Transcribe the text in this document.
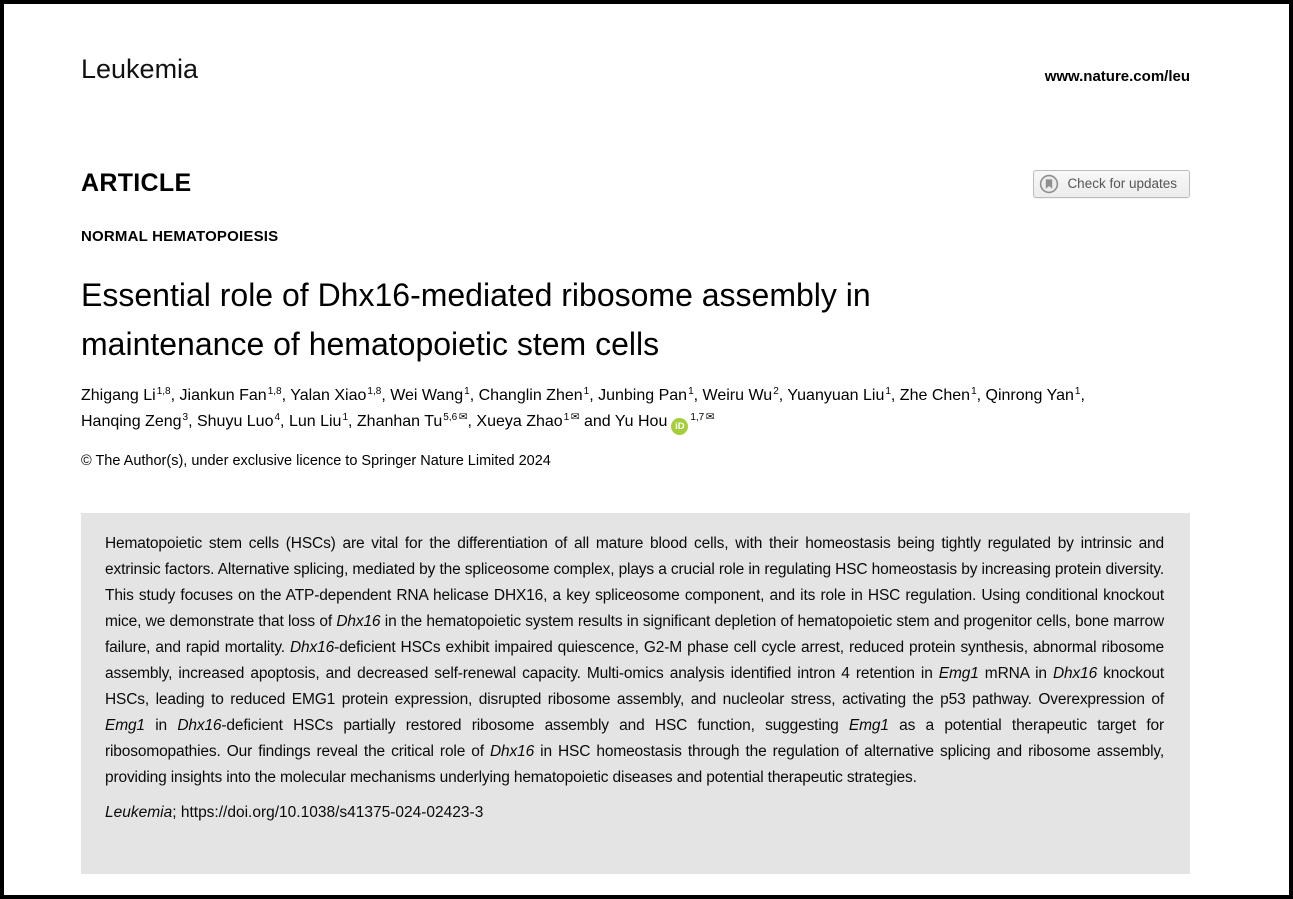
Leukemia	www.nature.com/leu
ARTICLE	Check for updates
NORMAL HEMATOPOIESIS
Essential role of Dhx16-mediated ribosome assembly in maintenance of hematopoietic stem cells
Zhigang Li$^{1,8}$, Jiankun Fan$^{1,8}$, Yalan Xiao$^{1,8}$, Wei Wang$^1$, Changlin Zhen$^1$, Junbing Pan$^1$, Weiru Wu$^2$, Yuanyuan Liu$^1$, Zhe Chen$^1$, Qinrong Yan$^1$, Hanqing Zeng$^3$, Shuyu Luo$^4$, Lun Liu$^1$, Zhanhan Tu$^{5,6}$ ✉, Xueya Zhao$^1$ ✉ and Yu Hou iD$^{1,7}$ ✉
© The Author(s), under exclusive licence to Springer Nature Limited 2024

Hematopoietic stem cells (HSCs) are vital for the differentiation of all mature blood cells, with their homeostasis being tightly regulated by intrinsic and extrinsic factors. Alternative splicing, mediated by the spliceosome complex, plays a crucial role in regulating HSC homeostasis by increasing protein diversity. This study focuses on the ATP-dependent RNA helicase DHX16, a key spliceosome component, and its role in HSC regulation. Using conditional knockout mice, we demonstrate that loss of Dhx16 in the hematopoietic system results in significant depletion of hematopoietic stem and progenitor cells, bone marrow failure, and rapid mortality. Dhx16-deficient HSCs exhibit impaired quiescence, G2-M phase cell cycle arrest, reduced protein synthesis, abnormal ribosome assembly, increased apoptosis, and decreased self-renewal capacity. Multi-omics analysis identified intron 4 retention in Emg1 mRNA in Dhx16 knockout HSCs, leading to reduced EMG1 protein expression, disrupted ribosome assembly, and nucleolar stress, activating the p53 pathway. Overexpression of Emg1 in Dhx16-deficient HSCs partially restored ribosome assembly and HSC function, suggesting Emg1 as a potential therapeutic target for ribosomopathies. Our findings reveal the critical role of Dhx16 in HSC homeostasis through the regulation of alternative splicing and ribosome assembly, providing insights into the molecular mechanisms underlying hematopoietic diseases and potential therapeutic strategies.

Leukemia; https://doi.org/10.1038/s41375-024-02423-3
